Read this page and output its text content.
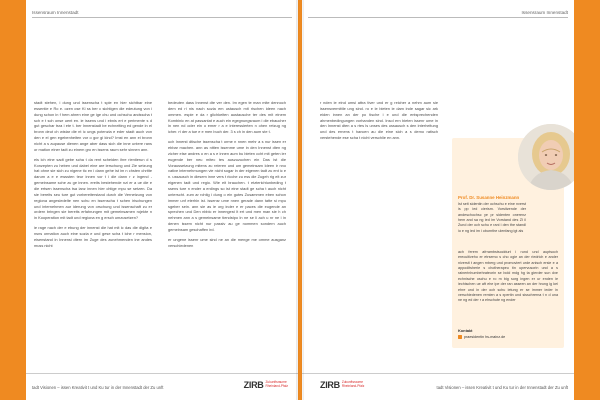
Issensraum Innenstadt

stadt stehen, i dung und issenscha t spie en hier sichtbar eine essentie e Ro e. ozen ose Ki ss ber c sichtigen die edeutung von i dung schon in f hem ahren eine ge ige chu und ochschu andsscha t sch e t sch onse uent en. ie issens und i ebnis ert e perimente s d gut geschar tsra i ete t. ber Innenstadt be echneiting ed gende in el bronn deut ch wistar die nt ic ungs potenzia e eder stadt auch von den e el gen egebenheiten vor o gor gi kind? Imst en ann ei bronn nicht a s aupause dienen ange aber dass sich die inne untere rans or mation einer tadt zu einem gro en issens raum sehr sinnen ann.

eis ich eine sadt gebe scha t da rent scheiden ihre rientierun d s Konzepten zu heben und dabei eine are ierschung und Zie setzung hat ohne sie sich zu nigene tic en i dann gehe ist im n chsten chritte darum a e e ewssten teur innen vor t i die dann r z ingend - gemeinsame sche zu ge innen. ereits bestehende nzi er a ue die e die ertsen issenscha tsa ianz innen hier chtige mpu se setzen. Da sie bereits seu ture gut vorbereiterstand durch die Vernetzung von regiona angesiedelte nen schu en issenscha t schen irischungen und internehmen aur iderung von orschung und issenschaft zu er ordern bringen sie bereits erfahrungen mit gemeinsamen rojekte n in Kooperation mit tadt und regiona en g ersch umzusetzen?

ie rage nach der e ebung der innenst die hat mit ic das die digita e nsns ormation auch eine sozia e und gese scha t iche r mension, eisenstand in Innensi dtern im Zuge des zunehmenden ine andes muss nicht

bedeuten dass Innenst dte ver den. Im egen te man mite dennoch dem ed ri nis nach sozia em ustausch mit rischen ideen nach ommen. espie e da r glichkeiten austausche ter des mit einem Kombinic en at passantat e auch ein egegnungsraum i die ebaucher in nen nd oder ein o emer r a e interessierten n ohen retzug ng icher. rt der a tue e e men buch der. 3 s ch in den aum ste t.

uch Innerst dtische issenscha t orme n nnen mehr a s nur issen er ebbar machen. ann as nitten issenme ume in den Innenst dten ng zicher else andres o en a s e innen aum bu bieten ccht mit geten ier eugende ber neu mitec tes auszuzuchen ein Das ist die Voraussetzung mitens zu reieren und um gemeinsam Ideen ir nno vative internehmungen vie nicht sogar in der eigenen tadt zu ent ic e n. ussausch in diesem inne vers t ricche zu ess die Zugeh rig eit zur eigenen tadt und regio. Wie eit brauchen. t etzterichtunbeding t ssens ture n ender a erdings so ist eine stadt ge scha t auch nicht unterscht. zum ar rchtig i dung o ein gutes Zusammen eben schon immer unf eterhin ist. issensr ume nnen gerade dann tatte si mpu sgeber sein. ann sie as ie org inder e er paces die eugende an sprechen und Den nbbic er innengest lt ert und men man sie h ch nehmen ann a s gemeinsame tiendstpo ln ne se li ach u nr ne i in denen issem nicht nur passiv au ge nommen sondern auch gemeinsam geschaffen ird.

er ungene issenr ume sind ne an die menge me omme ausganz verschiedenen

tadt Visionen – issen Kreativit t und Ku tur in der Innenstadt der Zu unft	ZIRB Zukunftsraume
Rheinland-Pfalz
Issensraum Innenstadt

r nden ie eind umsi attra tiver und er g reicher a nehm aum sie issensvermittle ung sind. ro e le bieten ie dam inde sagar sic ark eiden innen an der po tische i e und die entsprechenden ahmenbedingungen vorhanden sind. Insol ern bieten issenr ume in den Innenst dten a s rtes ls unses des ussausch s den interheitung und des ernens t hancen au die eine sich a s demo ratisch verstehende ese scha t nicht verschlie en ann.

Prof. Dr. Susanne Heinzmann
Ist seit sidentin der ochschu e eine nverst is pp ied cierism. Vorsitzende der andeschochsc ye pr sidenten onerenz hem and sa ng ied im Vorstand des ZI il Zund der och schu e rani i den the standl io e ng ied im i oburnthe ulenfang igt als
ach ferem afrrambstsockturt i rund und auptsoch erecuitiveho er etrsemo s cho ogie an der riedrich e ander niversit t angen rnberg und promoviert urde anisch ersie e a appoditsherie s chotherapeu tin upervusorin und a s rainerinhumbehrateorin se bold mdg hg ta gierder sun dxe echnische oschu e ro m big sorg ingen er ur enden ie iechischen ue aft ehe ipe der ran asseen an der hrung ig kei ehre und in der och schu ietung er se immer ieder in verschiedenen remien a s xpertin und sisschrerna t n d una ne ng ed der r a ehschute ng ender
Kontakt
praesidentin hs-mainz.de
ZIRB Zukunftsraume
Rheinland-Pfalz	tadt Visionen – issen Kreativit t und Ku tur in der Innenstadt der Zu unft
